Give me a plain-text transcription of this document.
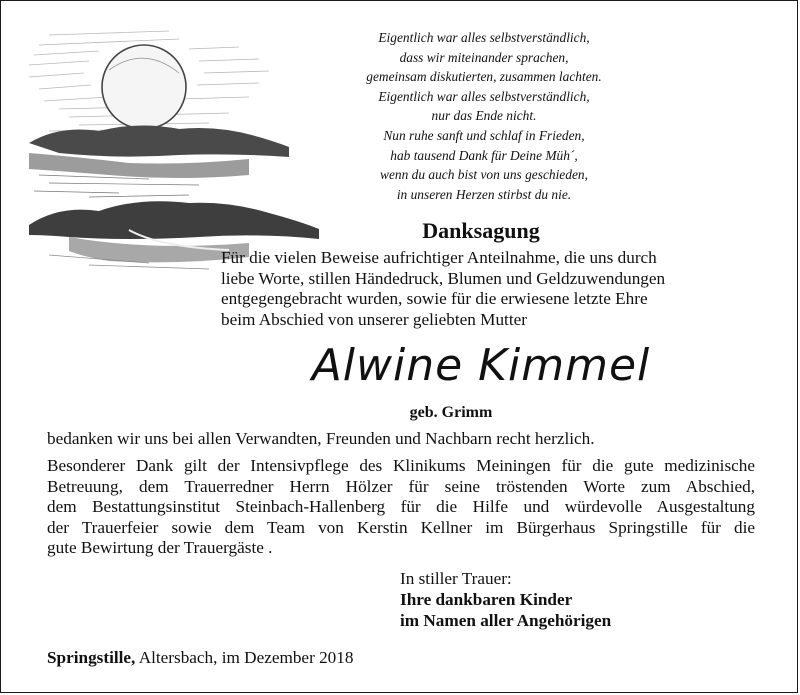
Eigentlich war alles selbstverständlich,
dass wir miteinander sprachen,
gemeinsam diskutierten, zusammen lachten.
Eigentlich war alles selbstverständlich,
nur das Ende nicht.
Nun ruhe sanft und schlaf in Frieden,
hab tausend Dank für Deine Müh´,
wenn du auch bist von uns geschieden,
in unseren Herzen stirbst du nie.
Danksagung
Für die vielen Beweise aufrichtiger Anteilnahme, die uns durch
liebe Worte, stillen Händedruck, Blumen und Geldzuwendungen
entgegengebracht wurden, sowie für die erwiesene letzte Ehre
beim Abschied von unserer geliebten Mutter
Alwine Kimmel
geb. Grimm
bedanken wir uns bei allen Verwandten, Freunden und Nachbarn recht herzlich.
Besonderer Dank gilt der Intensivpflege des Klinikums Meiningen für die gute medizinische
Betreuung, dem Trauerredner Herrn Hölzer für seine tröstenden Worte zum Abschied,
dem Bestattungsinstitut Steinbach-Hallenberg für die Hilfe und würdevolle Ausgestaltung
der Trauerfeier sowie dem Team von Kerstin Kellner im Bürgerhaus Springstille für die
gute Bewirtung der Trauergäste .
In stiller Trauer:
Ihre dankbaren Kinder
im Namen aller Angehörigen
Springstille, Altersbach, im Dezember 2018
